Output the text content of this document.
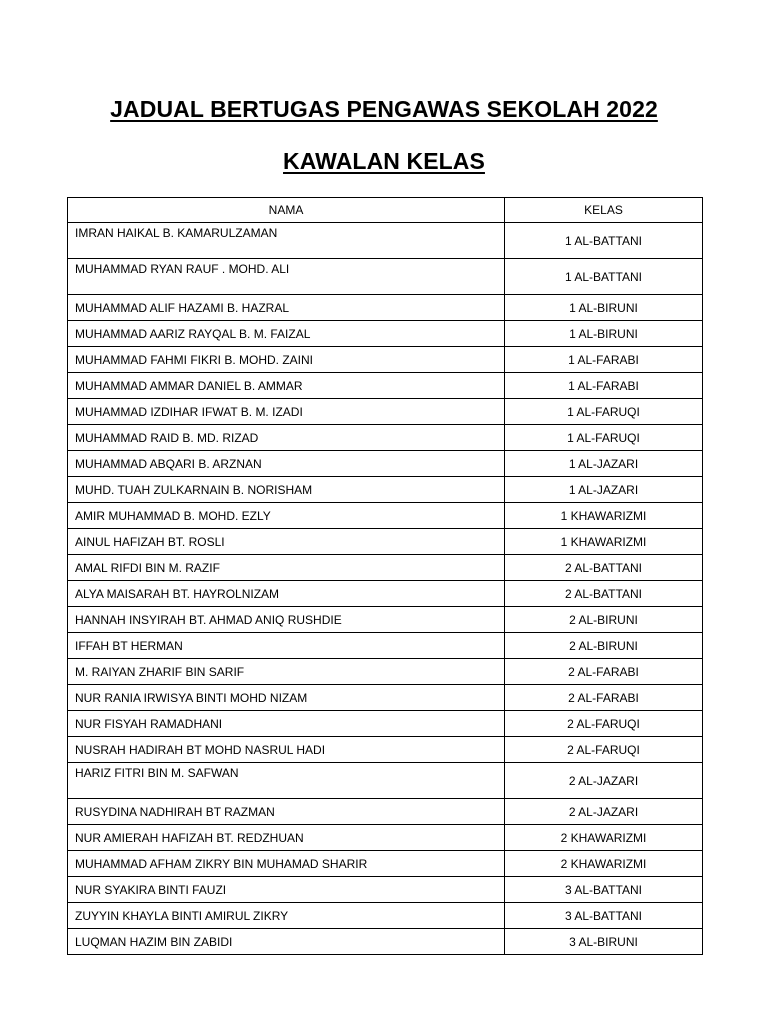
JADUAL BERTUGAS PENGAWAS SEKOLAH 2022
KAWALAN KELAS
NAMA	KELAS
IMRAN HAIKAL B. KAMARULZAMAN	1 AL-BATTANI
MUHAMMAD RYAN RAUF . MOHD. ALI	1 AL-BATTANI
MUHAMMAD ALIF HAZAMI B. HAZRAL	1 AL-BIRUNI
MUHAMMAD AARIZ RAYQAL B. M. FAIZAL	1 AL-BIRUNI
MUHAMMAD FAHMI FIKRI B. MOHD. ZAINI	1 AL-FARABI
MUHAMMAD AMMAR DANIEL B. AMMAR	1 AL-FARABI
MUHAMMAD IZDIHAR IFWAT B. M. IZADI	1 AL-FARUQI
MUHAMMAD RAID B. MD. RIZAD	1 AL-FARUQI
MUHAMMAD ABQARI B. ARZNAN	1 AL-JAZARI
MUHD. TUAH ZULKARNAIN B. NORISHAM	1 AL-JAZARI
AMIR MUHAMMAD B. MOHD. EZLY	1 KHAWARIZMI
AINUL HAFIZAH BT. ROSLI	1 KHAWARIZMI
AMAL RIFDI BIN M. RAZIF	2 AL-BATTANI
ALYA MAISARAH BT. HAYROLNIZAM	2 AL-BATTANI
HANNAH INSYIRAH BT. AHMAD ANIQ RUSHDIE	2 AL-BIRUNI
IFFAH BT HERMAN	2 AL-BIRUNI
M. RAIYAN ZHARIF BIN SARIF	2 AL-FARABI
NUR RANIA IRWISYA BINTI MOHD NIZAM	2 AL-FARABI
NUR FISYAH RAMADHANI	2 AL-FARUQI
NUSRAH HADIRAH BT MOHD NASRUL HADI	2 AL-FARUQI
HARIZ FITRI BIN M. SAFWAN	2 AL-JAZARI
RUSYDINA NADHIRAH BT RAZMAN	2 AL-JAZARI
NUR AMIERAH HAFIZAH BT. REDZHUAN	2 KHAWARIZMI
MUHAMMAD AFHAM ZIKRY BIN MUHAMAD SHARIR	2 KHAWARIZMI
NUR SYAKIRA BINTI FAUZI	3 AL-BATTANI
ZUYYIN KHAYLA BINTI AMIRUL ZIKRY	3 AL-BATTANI
LUQMAN HAZIM BIN ZABIDI	3 AL-BIRUNI
